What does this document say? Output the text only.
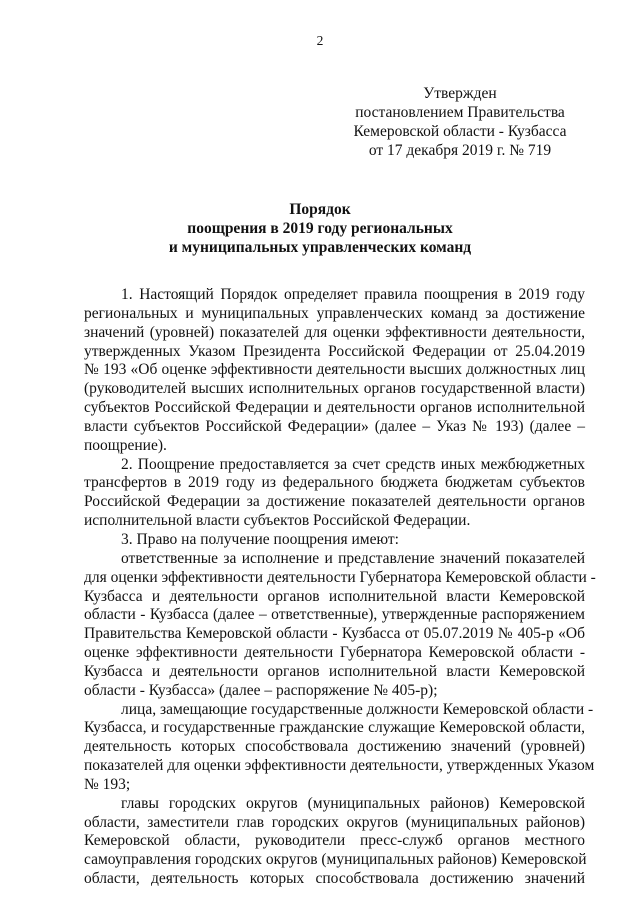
2
Утвержден
постановлением Правительства
Кемеровской области - Кузбасса
от 17 декабря 2019 г. № 719
Порядок
поощрения в 2019 году региональных
и муниципальных управленческих команд
1. Настоящий Порядок определяет правила поощрения в 2019 году
региональных и муниципальных управленческих команд за достижение
значений (уровней) показателей для оценки эффективности деятельности,
утвержденных Указом Президента Российской Федерации от 25.04.2019
№ 193 «Об оценке эффективности деятельности высших должностных лиц
(руководителей высших исполнительных органов государственной власти)
субъектов Российской Федерации и деятельности органов исполнительной
власти субъектов Российской Федерации» (далее – Указ № 193) (далее –
поощрение).
2. Поощрение предоставляется за счет средств иных межбюджетных
трансфертов в 2019 году из федерального бюджета бюджетам субъектов
Российской Федерации за достижение показателей деятельности органов
исполнительной власти субъектов Российской Федерации.
3. Право на получение поощрения имеют:
ответственные за исполнение и представление значений показателей
для оценки эффективности деятельности Губернатора Кемеровской области -
Кузбасса и деятельности органов исполнительной власти Кемеровской
области - Кузбасса (далее – ответственные), утвержденные распоряжением
Правительства Кемеровской области - Кузбасса от 05.07.2019 № 405-р «Об
оценке эффективности деятельности Губернатора Кемеровской области -
Кузбасса и деятельности органов исполнительной власти Кемеровской
области - Кузбасса» (далее – распоряжение № 405-р);
лица, замещающие государственные должности Кемеровской области -
Кузбасса, и государственные гражданские служащие Кемеровской области,
деятельность которых способствовала достижению значений (уровней)
показателей для оценки эффективности деятельности, утвержденных Указом
№ 193;
главы городских округов (муниципальных районов) Кемеровской
области, заместители глав городских округов (муниципальных районов)
Кемеровской области, руководители пресс-служб органов местного
самоуправления городских округов (муниципальных районов) Кемеровской
области, деятельность которых способствовала достижению значений
